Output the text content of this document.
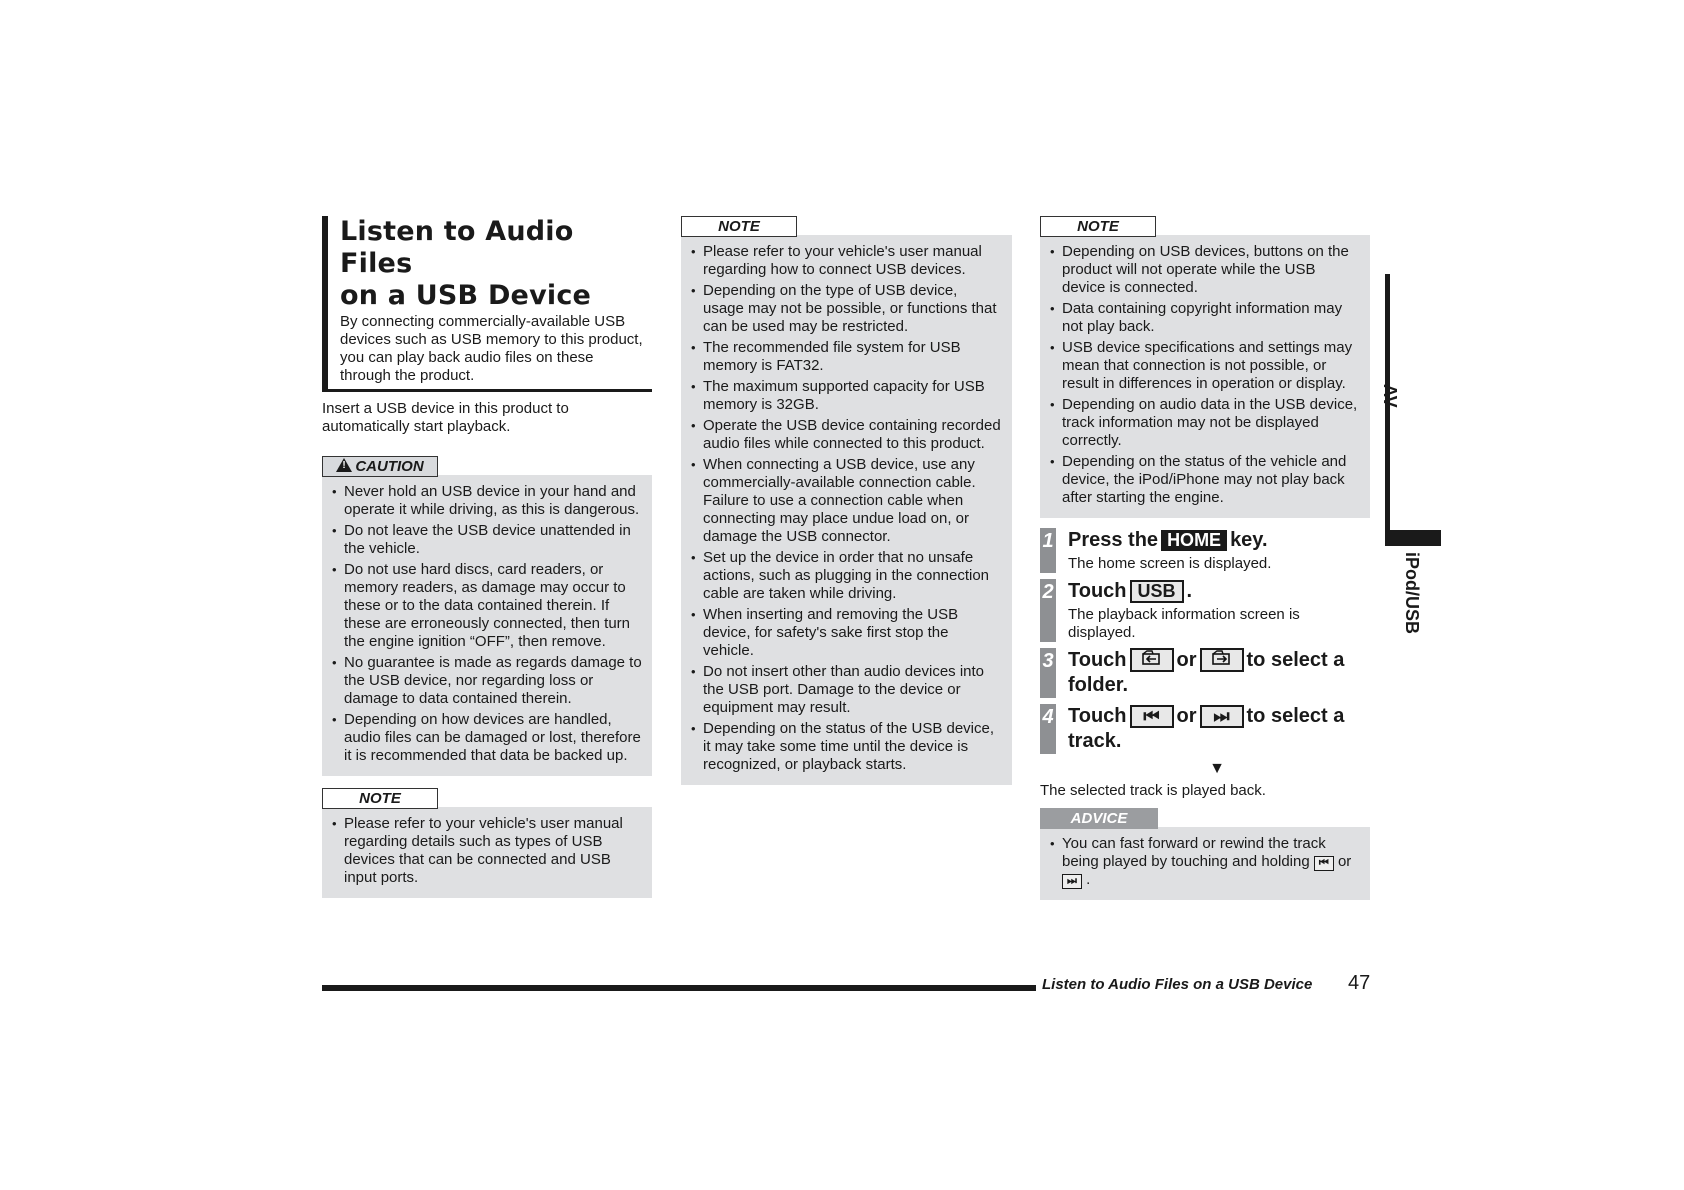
Listen to Audio Files
on a USB Device

By connecting commercially-available USB devices such as USB memory to this product, you can play back audio files on these through the product.

Insert a USB device in this product to automatically start playback.

!CAUTION
• Never hold an USB device in your hand and operate it while driving, as this is dangerous.
• Do not leave the USB device unattended in the vehicle.
• Do not use hard discs, card readers, or memory readers, as damage may occur to these or to the data contained therein. If these are erroneously connected, then turn the engine ignition “OFF”, then remove.
• No guarantee is made as regards damage to the USB device, nor regarding loss or damage to data contained therein.
• Depending on how devices are handled, audio files can be damaged or lost, therefore it is recommended that data be backed up.
NOTE
• Please refer to your vehicle's user manual regarding details such as types of USB devices that can be connected and USB input ports.
NOTE
• Please refer to your vehicle's user manual regarding how to connect USB devices.
• Depending on the type of USB device, usage may not be possible, or functions that can be used may be restricted.
• The recommended file system for USB memory is FAT32.
• The maximum supported capacity for USB memory is 32GB.
• Operate the USB device containing recorded audio files while connected to this product.
• When connecting a USB device, use any commercially-available connection cable. Failure to use a connection cable when connecting may place undue load on, or damage the USB connector.
• Set up the device in order that no unsafe actions, such as plugging in the connection cable are taken while driving.
• When inserting and removing the USB device, for safety's sake first stop the vehicle.
• Do not insert other than audio devices into the USB port. Damage to the device or equipment may result.
• Depending on the status of the USB device, it may take some time until the device is recognized, or playback starts.
NOTE
• Depending on USB devices, buttons on the product will not operate while the USB device is connected.
• Data containing copyright information may not play back.
• USB device specifications and settings may mean that connection is not possible, or result in differences in operation or display.
• Depending on audio data in the USB device, track information may not be displayed correctly.
• Depending on the status of the vehicle and device, the iPod/iPhone may not play back after starting the engine.
1 Press the HOME key.

The home screen is displayed.

2 Touch USB .

The playback information screen is displayed.

3 Touch	or	to select a folder.

4 Touch ⏮ or ⏭ to select a track.

▼

The selected track is played back.

ADVICE
• You can fast forward or rewind the track being played by touching and holding ⏮ or ⏭ .
AV
iPod/USB
Listen to Audio Files on a USB Device 47
